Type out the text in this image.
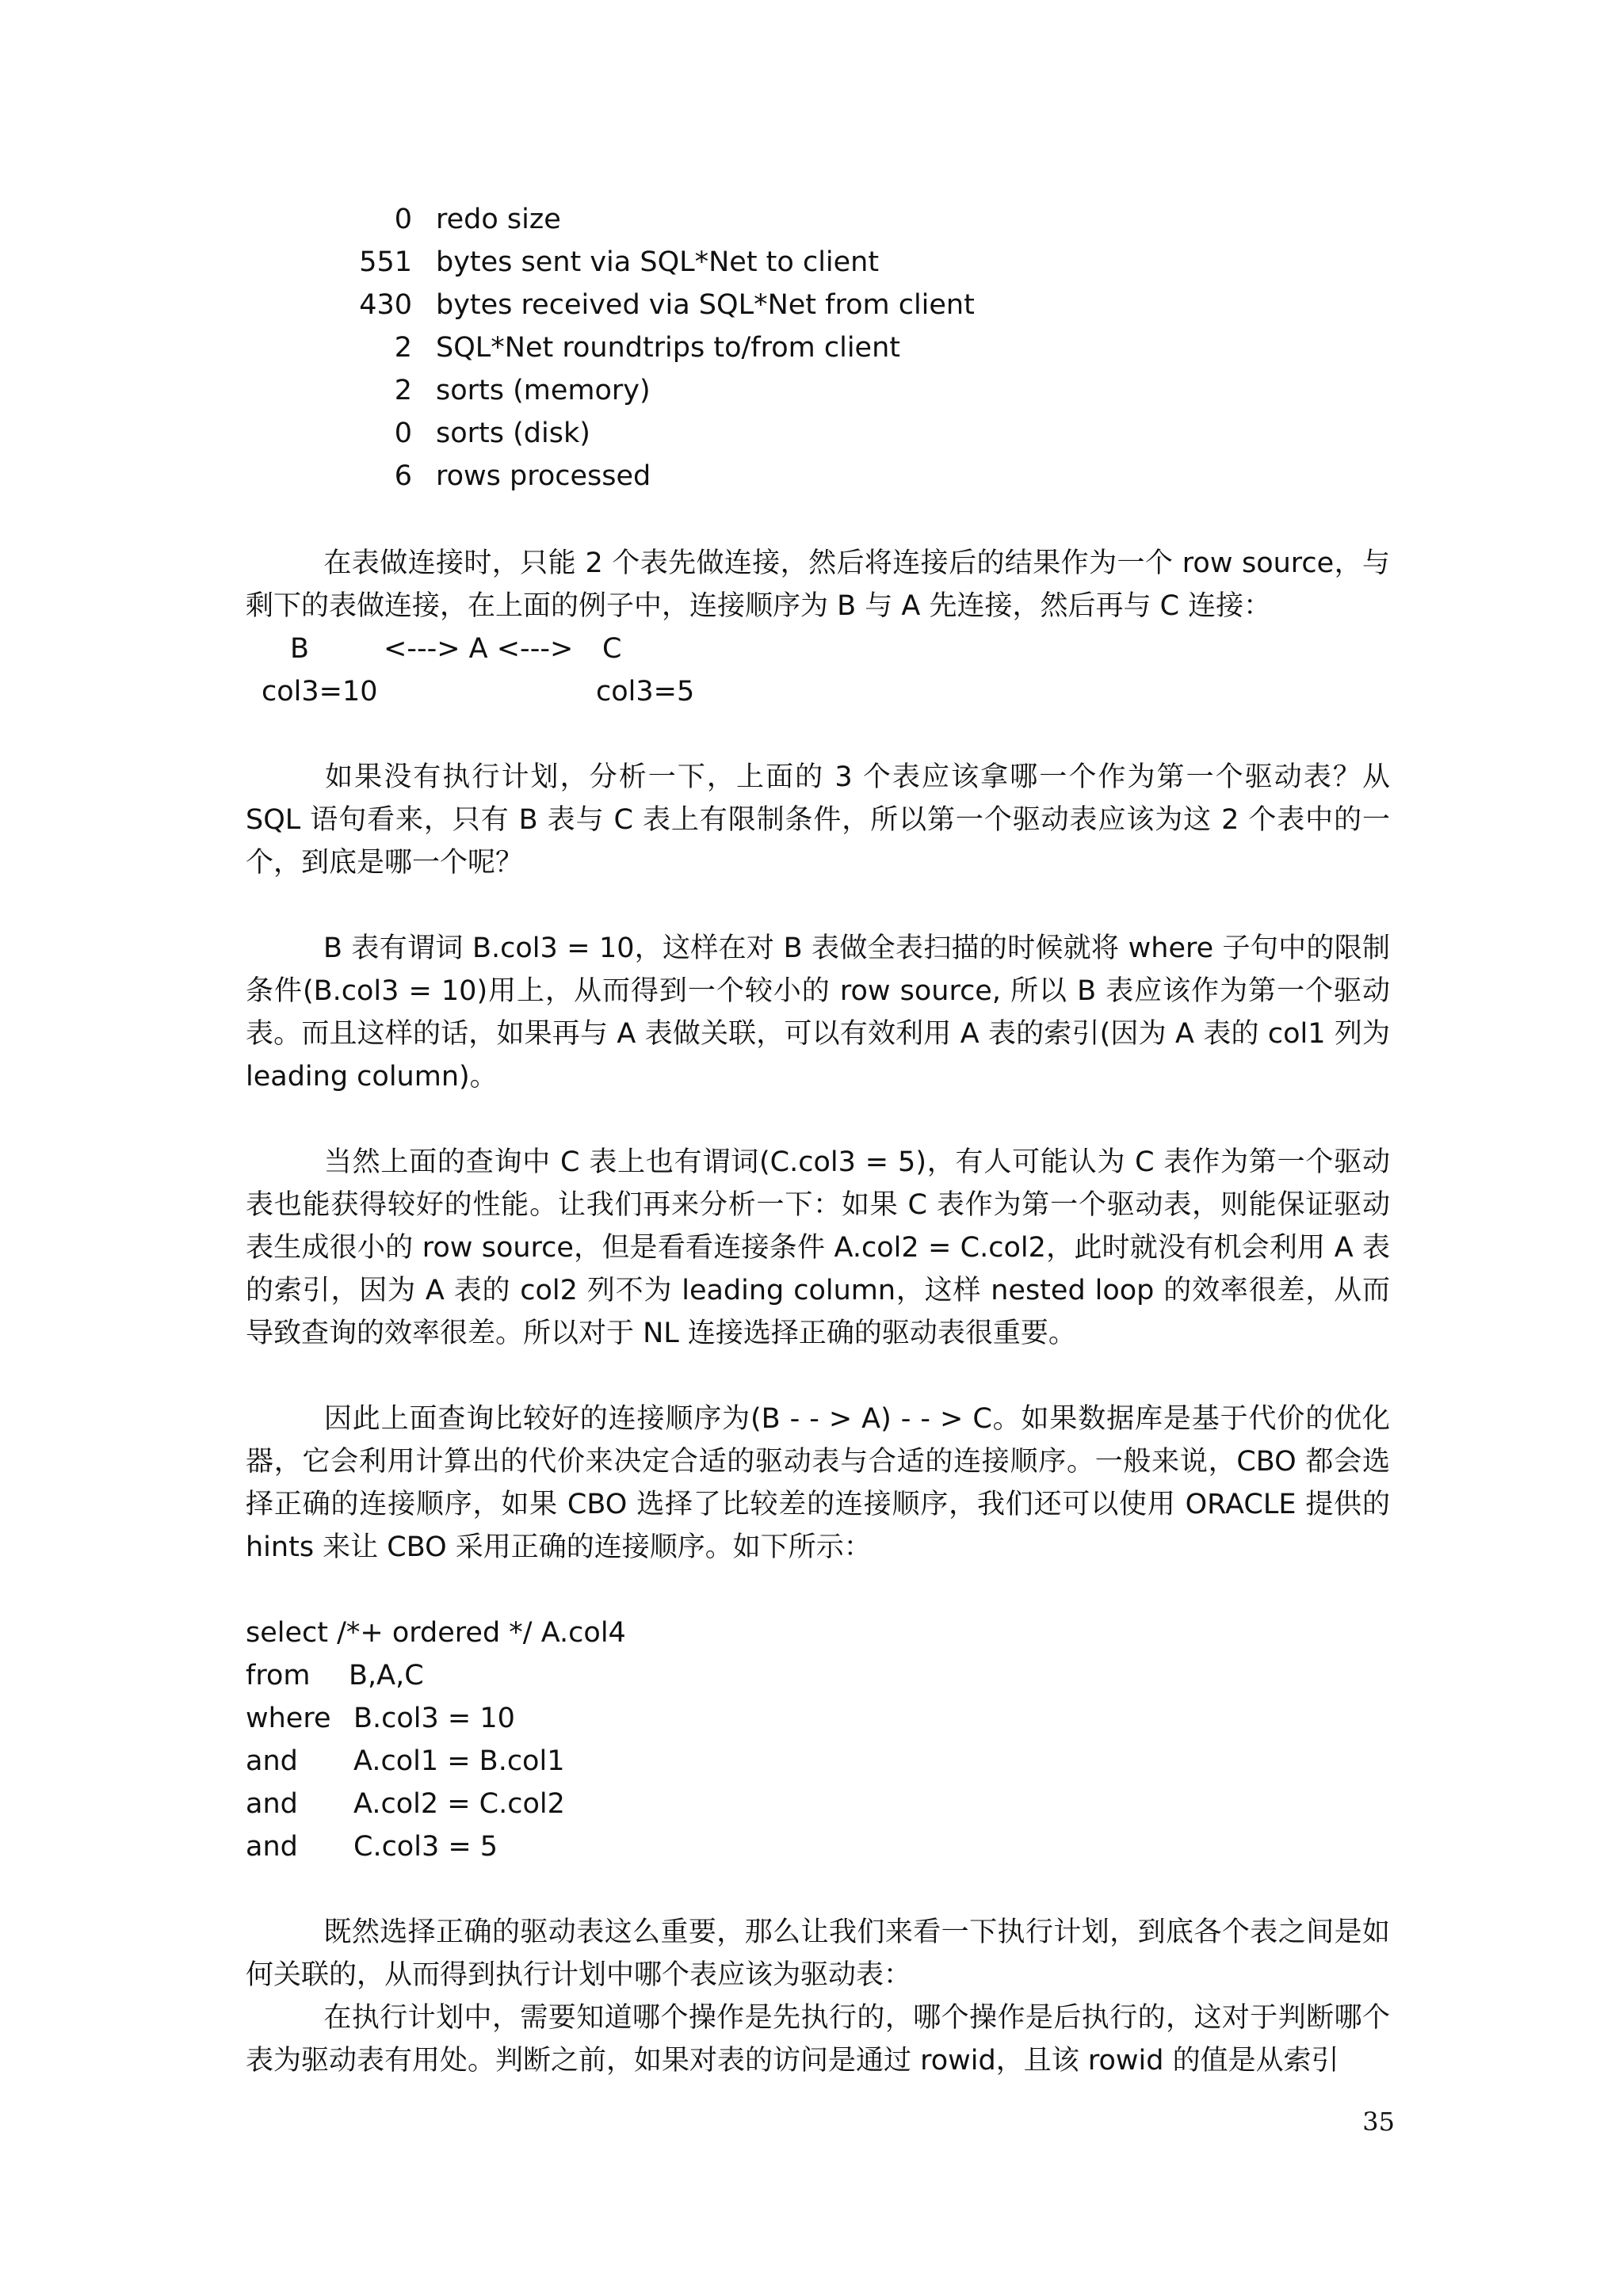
0 redo size
551 bytes sent via SQL*Net to client
430 bytes received via SQL*Net from client
2 SQL*Net roundtrips to/from client
2 sorts (memory)
0 sorts (disk)
6 rows processed
在表做连接时，只能 2 个表先做连接，然后将连接后的结果作为一个 row source，与剩下的表做连接，在上面的例子中，连接顺序为 B 与 A 先连接，然后再与 C 连接：
B	<---> A <---> C
col3=10	col3=5
如果没有执行计划，分析一下，上面的 3 个表应该拿哪一个作为第一个驱动表？从 SQL 语句看来，只有 B 表与 C 表上有限制条件，所以第一个驱动表应该为这 2 个表中的一个，到底是哪一个呢？
B 表有谓词 B.col3 = 10，这样在对 B 表做全表扫描的时候就将 where 子句中的限制条件(B.col3 = 10)用上，从而得到一个较小的 row source, 所以 B 表应该作为第一个驱动表。而且这样的话，如果再与 A 表做关联，可以有效利用 A 表的索引(因为 A 表的 col1 列为 leading column)。
当然上面的查询中 C 表上也有谓词(C.col3 = 5)，有人可能认为 C 表作为第一个驱动表也能获得较好的性能。让我们再来分析一下：如果 C 表作为第一个驱动表，则能保证驱动表生成很小的 row source，但是看看连接条件 A.col2 = C.col2，此时就没有机会利用 A 表的索引，因为 A 表的 col2 列不为 leading column，这样 nested loop 的效率很差，从而导致查询的效率很差。所以对于 NL 连接选择正确的驱动表很重要。
因此上面查询比较好的连接顺序为(B - - > A) - - > C。如果数据库是基于代价的优化器，它会利用计算出的代价来决定合适的驱动表与合适的连接顺序。一般来说，CBO 都会选择正确的连接顺序，如果 CBO 选择了比较差的连接顺序，我们还可以使用 ORACLE 提供的 hints 来让 CBO 采用正确的连接顺序。如下所示：
select /*+ ordered */ A.col4
from B,A,C
where B.col3 = 10
and A.col1 = B.col1
and A.col2 = C.col2
and C.col3 = 5
既然选择正确的驱动表这么重要，那么让我们来看一下执行计划，到底各个表之间是如何关联的，从而得到执行计划中哪个表应该为驱动表：
在执行计划中，需要知道哪个操作是先执行的，哪个操作是后执行的，这对于判断哪个表为驱动表有用处。判断之前，如果对表的访问是通过 rowid，且该 rowid 的值是从索引
35
